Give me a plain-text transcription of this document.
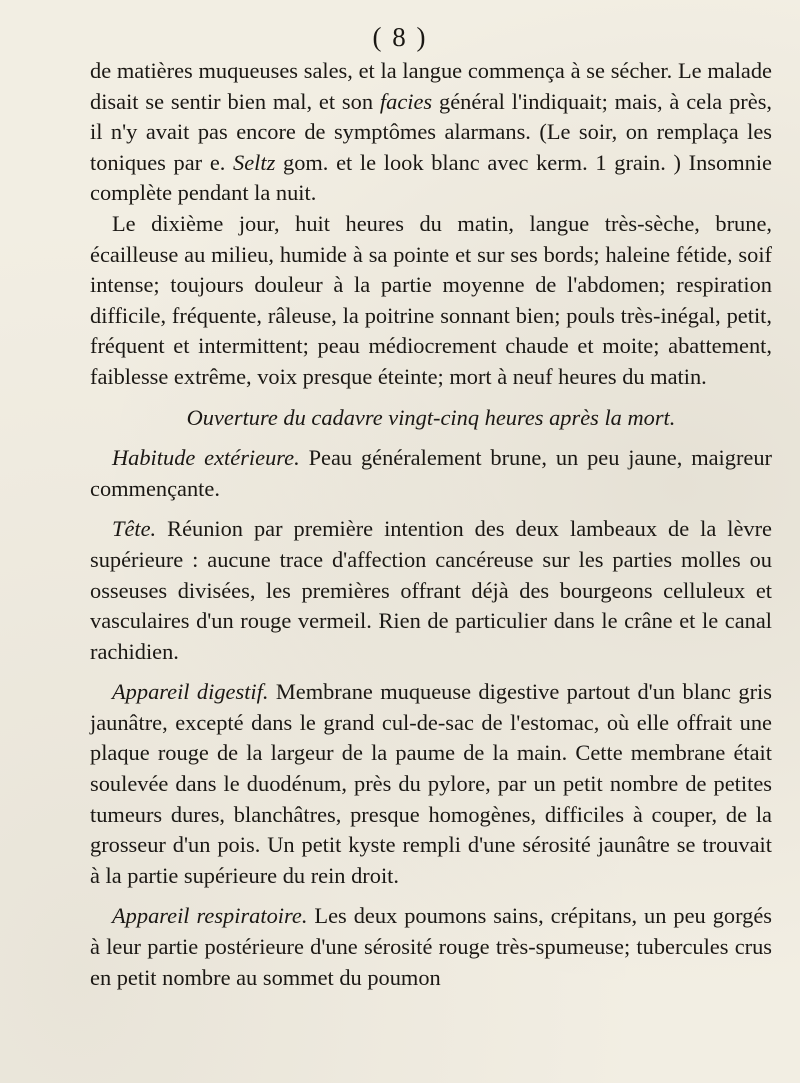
( 8 )

de matières muqueuses sales, et la langue commença à se sécher. Le malade disait se sentir bien mal, et son facies général l'indiquait; mais, à cela près, il n'y avait pas encore de symptômes alarmans. (Le soir, on remplaça les toniques par e. Seltz gom. et le look blanc avec kerm. 1 grain. ) Insomnie complète pendant la nuit.

Le dixième jour, huit heures du matin, langue très-sèche, brune, écailleuse au milieu, humide à sa pointe et sur ses bords; haleine fétide, soif intense; toujours douleur à la partie moyenne de l'abdomen; respiration difficile, fréquente, râleuse, la poitrine sonnant bien; pouls très-inégal, petit, fréquent et intermittent; peau médiocrement chaude et moite; abattement, faiblesse extrême, voix presque éteinte; mort à neuf heures du matin.

Ouverture du cadavre vingt-cinq heures après la mort.

Habitude extérieure. Peau généralement brune, un peu jaune, maigreur commençante.

Tête. Réunion par première intention des deux lambeaux de la lèvre supérieure : aucune trace d'affection cancéreuse sur les parties molles ou osseuses divisées, les premières offrant déjà des bourgeons celluleux et vasculaires d'un rouge vermeil. Rien de particulier dans le crâne et le canal rachidien.

Appareil digestif. Membrane muqueuse digestive partout d'un blanc gris jaunâtre, excepté dans le grand cul-de-sac de l'estomac, où elle offrait une plaque rouge de la largeur de la paume de la main. Cette membrane était soulevée dans le duodénum, près du pylore, par un petit nombre de petites tumeurs dures, blanchâtres, presque homogènes, difficiles à couper, de la grosseur d'un pois. Un petit kyste rempli d'une sérosité jaunâtre se trouvait à la partie supérieure du rein droit.

Appareil respiratoire. Les deux poumons sains, crépitans, un peu gorgés à leur partie postérieure d'une sérosité rouge très-spumeuse; tubercules crus en petit nombre au sommet du poumon
